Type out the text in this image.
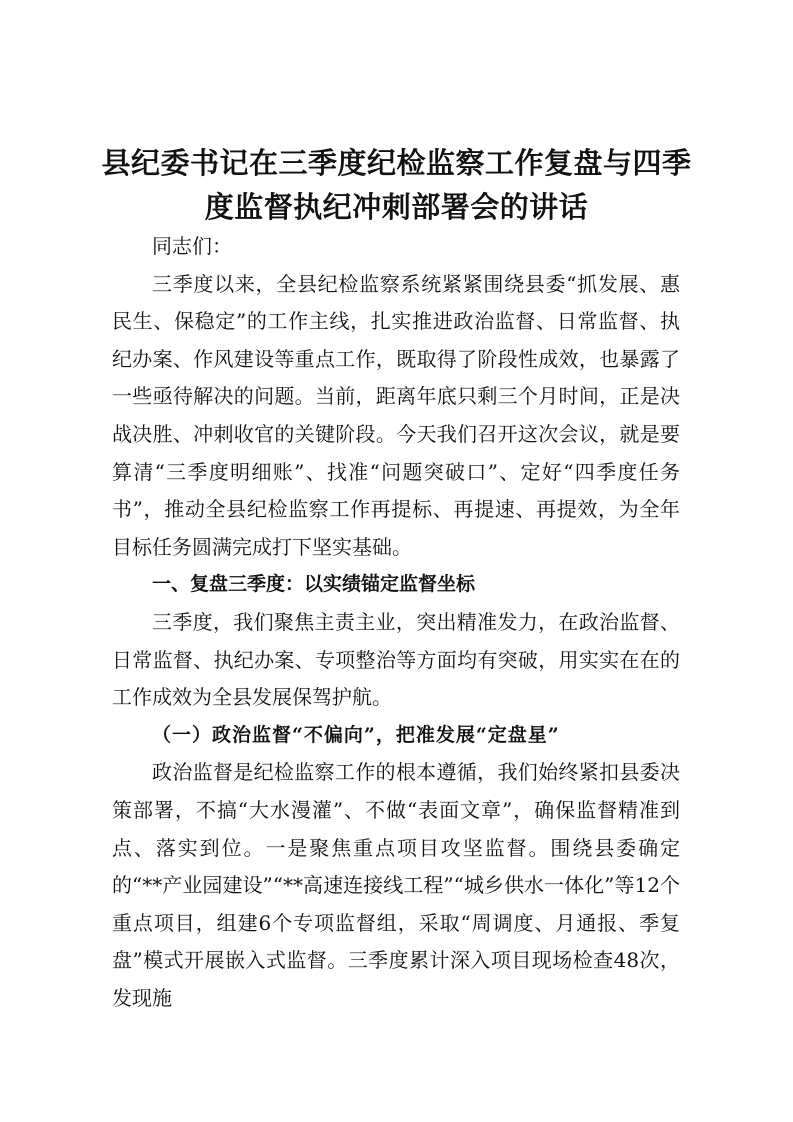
县纪委书记在三季度纪检监察工作复盘与四季度监督执纪冲刺部署会的讲话

同志们：

三季度以来，全县纪检监察系统紧紧围绕县委“抓发展、惠民生、保稳定”的工作主线，扎实推进政治监督、日常监督、执纪办案、作风建设等重点工作，既取得了阶段性成效，也暴露了一些亟待解决的问题。当前，距离年底只剩三个月时间，正是决战决胜、冲刺收官的关键阶段。今天我们召开这次会议，就是要算清“三季度明细账”、找准“问题突破口”、定好“四季度任务书”，推动全县纪检监察工作再提标、再提速、再提效，为全年目标任务圆满完成打下坚实基础。

一、复盘三季度：以实绩锚定监督坐标

三季度，我们聚焦主责主业，突出精准发力，在政治监督、日常监督、执纪办案、专项整治等方面均有突破，用实实在在的工作成效为全县发展保驾护航。

（一）政治监督“不偏向”，把准发展“定盘星”

政治监督是纪检监察工作的根本遵循，我们始终紧扣县委决策部署，不搞“大水漫灌”、不做“表面文章”，确保监督精准到点、落实到位。一是聚焦重点项目攻坚监督。围绕县委确定的“**产业园建设”“**高速连接线工程”“城乡供水一体化”等12个重点项目，组建6个专项监督组，采取“周调度、月通报、季复盘”模式开展嵌入式监督。三季度累计深入项目现场检查48次，发现施
